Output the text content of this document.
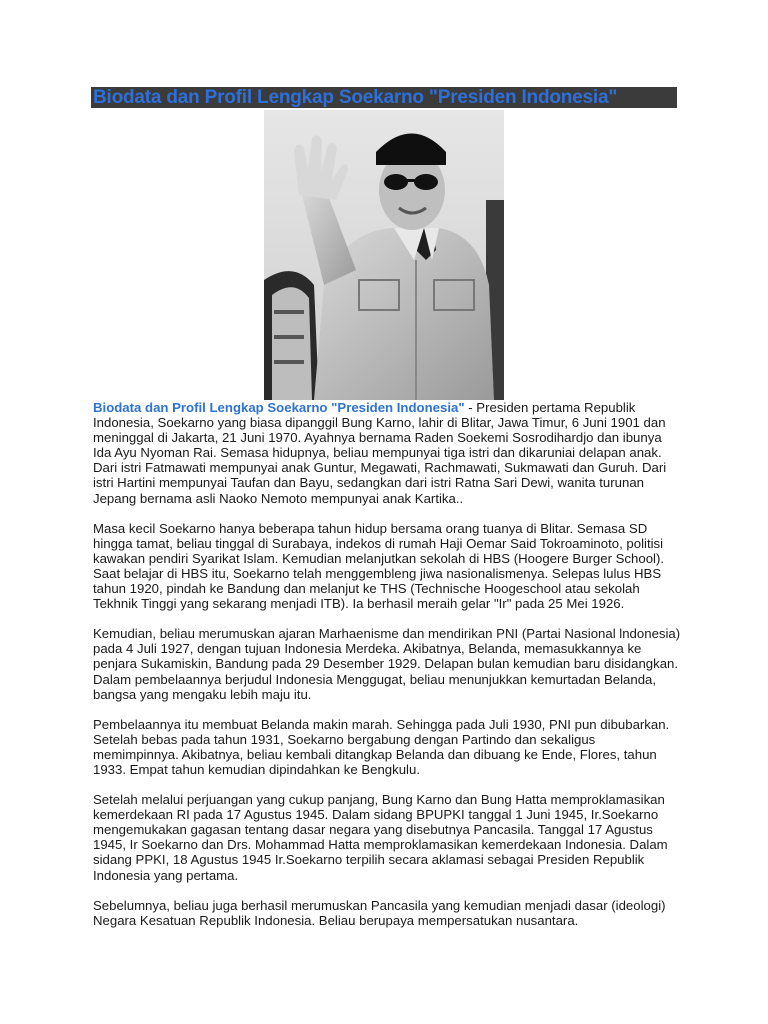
Biodata dan Profil Lengkap Soekarno "Presiden Indonesia"

Biodata dan Profil Lengkap Soekarno "Presiden Indonesia" - Presiden pertama Republik Indonesia, Soekarno yang biasa dipanggil Bung Karno, lahir di Blitar, Jawa Timur, 6 Juni 1901 dan meninggal di Jakarta, 21 Juni 1970. Ayahnya bernama Raden Soekemi Sosrodihardjo dan ibunya Ida Ayu Nyoman Rai. Semasa hidupnya, beliau mempunyai tiga istri dan dikaruniai delapan anak. Dari istri Fatmawati mempunyai anak Guntur, Megawati, Rachmawati, Sukmawati dan Guruh. Dari istri Hartini mempunyai Taufan dan Bayu, sedangkan dari istri Ratna Sari Dewi, wanita turunan Jepang bernama asli Naoko Nemoto mempunyai anak Kartika..

Masa kecil Soekarno hanya beberapa tahun hidup bersama orang tuanya di Blitar. Semasa SD hingga tamat, beliau tinggal di Surabaya, indekos di rumah Haji Oemar Said Tokroaminoto, politisi kawakan pendiri Syarikat Islam. Kemudian melanjutkan sekolah di HBS (Hoogere Burger School). Saat belajar di HBS itu, Soekarno telah menggembleng jiwa nasionalismenya. Selepas lulus HBS tahun 1920, pindah ke Bandung dan melanjut ke THS (Technische Hoogeschool atau sekolah Tekhnik Tinggi yang sekarang menjadi ITB). Ia berhasil meraih gelar "Ir" pada 25 Mei 1926.

Kemudian, beliau merumuskan ajaran Marhaenisme dan mendirikan PNI (Partai Nasional lndonesia) pada 4 Juli 1927, dengan tujuan Indonesia Merdeka. Akibatnya, Belanda, memasukkannya ke penjara Sukamiskin, Bandung pada 29 Desember 1929. Delapan bulan kemudian baru disidangkan. Dalam pembelaannya berjudul Indonesia Menggugat, beliau menunjukkan kemurtadan Belanda, bangsa yang mengaku lebih maju itu.

Pembelaannya itu membuat Belanda makin marah. Sehingga pada Juli 1930, PNI pun dibubarkan. Setelah bebas pada tahun 1931, Soekarno bergabung dengan Partindo dan sekaligus memimpinnya. Akibatnya, beliau kembali ditangkap Belanda dan dibuang ke Ende, Flores, tahun 1933. Empat tahun kemudian dipindahkan ke Bengkulu.

Setelah melalui perjuangan yang cukup panjang, Bung Karno dan Bung Hatta memproklamasikan kemerdekaan RI pada 17 Agustus 1945. Dalam sidang BPUPKI tanggal 1 Juni 1945, Ir.Soekarno mengemukakan gagasan tentang dasar negara yang disebutnya Pancasila. Tanggal 17 Agustus 1945, Ir Soekarno dan Drs. Mohammad Hatta memproklamasikan kemerdekaan Indonesia. Dalam sidang PPKI, 18 Agustus 1945 Ir.Soekarno terpilih secara aklamasi sebagai Presiden Republik Indonesia yang pertama.

Sebelumnya, beliau juga berhasil merumuskan Pancasila yang kemudian menjadi dasar (ideologi) Negara Kesatuan Republik Indonesia. Beliau berupaya mempersatukan nusantara.
